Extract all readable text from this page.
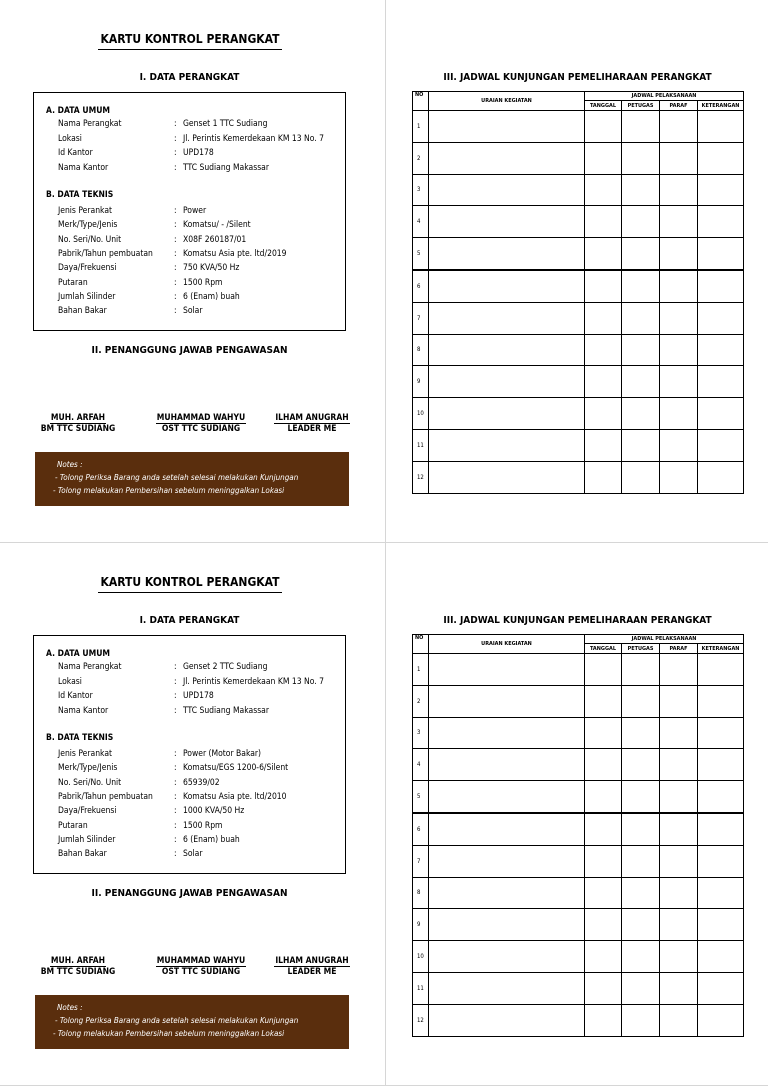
KARTU KONTROL PERANGKAT
I. DATA PERANGKAT
A. DATA UMUM
Nama Perangkat	: Genset 1 TTC Sudiang
Lokasi	: Jl. Perintis Kemerdekaan KM 13 No. 7
Id Kantor	: UPD178
Nama Kantor	: TTC Sudiang Makassar
B. DATA TEKNIS
Jenis Perankat	: Power
Merk/Type/Jenis	: Komatsu/ - /Silent
No. Seri/No. Unit	: X08F 260187/01
Pabrik/Tahun pembuatan : Komatsu Asia pte. ltd/2019
Daya/Frekuensi	: 750 KVA/50 Hz
Putaran	: 1500 Rpm
Jumlah Silinder	: 6 (Enam) buah
Bahan Bakar	: Solar
II. PENANGGUNG JAWAB PENGAWASAN
MUH. ARFAH
BM TTC SUDIANG
MUHAMMAD WAHYU
OST TTC SUDIANG
ILHAM ANUGRAH
LEADER ME
Notes :
- Tolong Periksa Barang anda setelah selesai melakukan Kunjungan
- Tolong melakukan Pembersihan sebelum meninggalkan Lokasi
III. JADWAL KUNJUNGAN PEMELIHARAAN PERANGKAT
NO	URAIAN KEGIATAN	JADWAL PELAKSANAAN			
		TANGGAL	PETUGAS	PARAF	KETERANGAN
1					
2					
3					
4					
5					
6					
7					
8					
9					
10					
11					
12					
KARTU KONTROL PERANGKAT
I. DATA PERANGKAT
A. DATA UMUM
Nama Perangkat	: Genset 2 TTC Sudiang
Lokasi	: Jl. Perintis Kemerdekaan KM 13 No. 7
Id Kantor	: UPD178
Nama Kantor	: TTC Sudiang Makassar
B. DATA TEKNIS
Jenis Perankat	: Power (Motor Bakar)
Merk/Type/Jenis	: Komatsu/EGS 1200-6/Silent
No. Seri/No. Unit	: 65939/02
Pabrik/Tahun pembuatan : Komatsu Asia pte. ltd/2010
Daya/Frekuensi	: 1000 KVA/50 Hz
Putaran	: 1500 Rpm
Jumlah Silinder	: 6 (Enam) buah
Bahan Bakar	: Solar
II. PENANGGUNG JAWAB PENGAWASAN
MUH. ARFAH
BM TTC SUDIANG
MUHAMMAD WAHYU
OST TTC SUDIANG
ILHAM ANUGRAH
LEADER ME
Notes :
- Tolong Periksa Barang anda setelah selesai melakukan Kunjungan
- Tolong melakukan Pembersihan sebelum meninggalkan Lokasi
III. JADWAL KUNJUNGAN PEMELIHARAAN PERANGKAT
NO	URAIAN KEGIATAN	JADWAL PELAKSANAAN			
		TANGGAL	PETUGAS	PARAF	KETERANGAN
1					
2					
3					
4					
5					
6					
7					
8					
9					
10					
11					
12					
